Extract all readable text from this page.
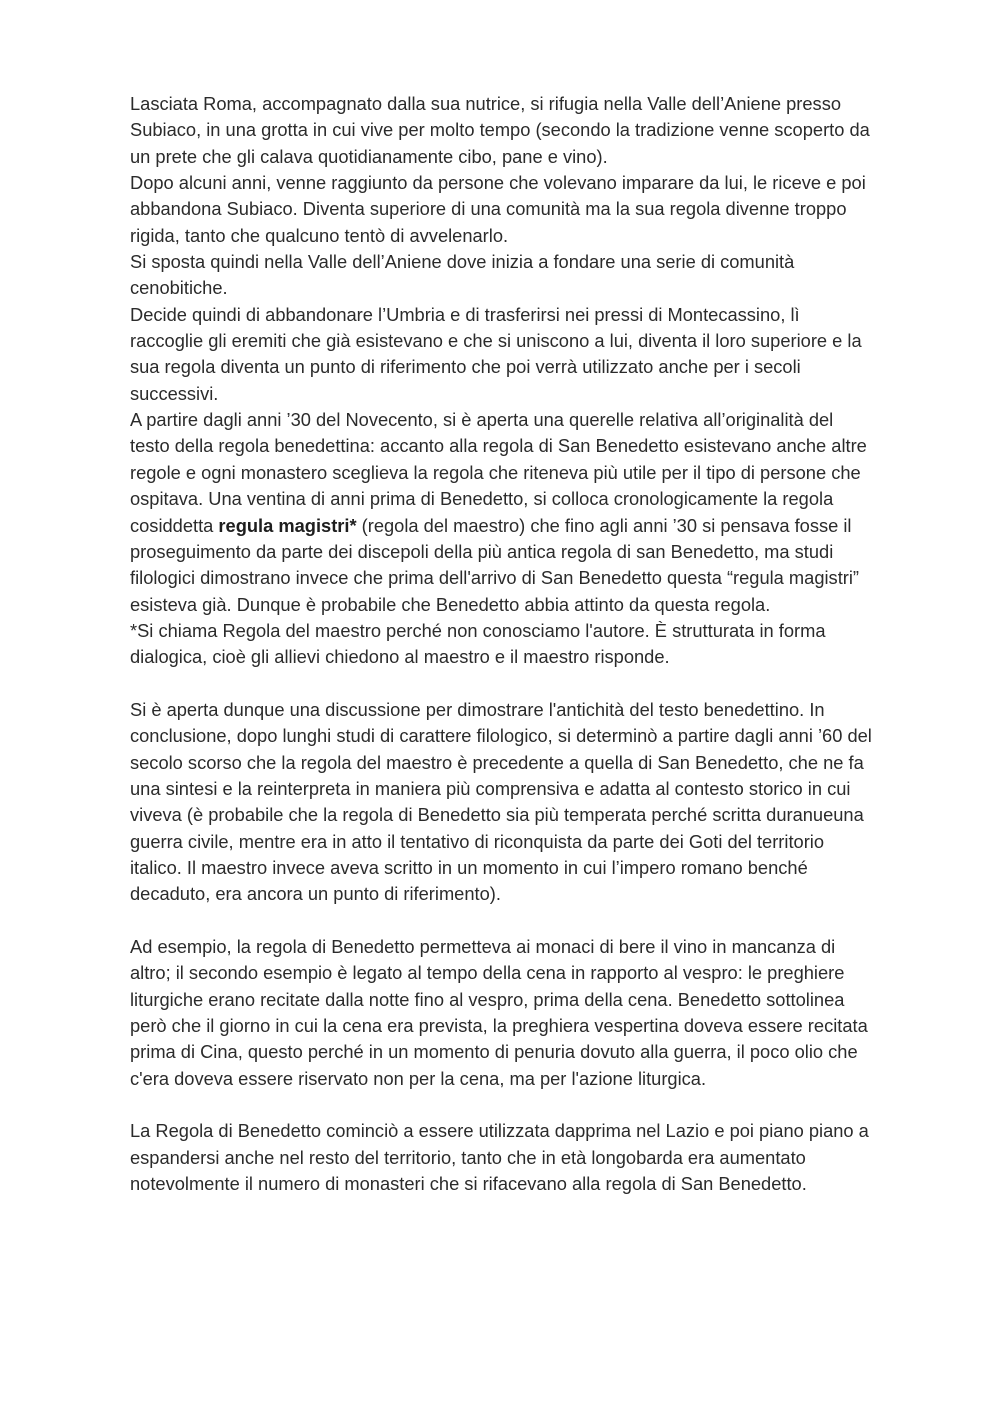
Lasciata Roma, accompagnato dalla sua nutrice, si rifugia nella Valle dell’Aniene presso Subiaco, in una grotta in cui vive per molto tempo (secondo la tradizione venne scoperto da un prete che gli calava quotidianamente cibo, pane e vino).

Dopo alcuni anni, venne raggiunto da persone che volevano imparare da lui, le riceve e poi abbandona Subiaco. Diventa superiore di una comunità ma la sua regola divenne troppo rigida, tanto che qualcuno tentò di avvelenarlo.

Si sposta quindi nella Valle dell’Aniene dove inizia a fondare una serie di comunità cenobitiche.

Decide quindi di abbandonare l’Umbria e di trasferirsi nei pressi di Montecassino, lì raccoglie gli eremiti che già esistevano e che si uniscono a lui, diventa il loro superiore e la sua regola diventa un punto di riferimento che poi verrà utilizzato anche per i secoli successivi.

A partire dagli anni ’30 del Novecento, si è aperta una querelle relativa all’originalità del testo della regola benedettina: accanto alla regola di San Benedetto esistevano anche altre regole e ogni monastero sceglieva la regola che riteneva più utile per il tipo di persone che ospitava. Una ventina di anni prima di Benedetto, si colloca cronologicamente la regola cosiddetta regula magistri* (regola del maestro) che fino agli anni ’30 si pensava fosse il proseguimento da parte dei discepoli della più antica regola di san Benedetto, ma studi filologici dimostrano invece che prima dell'arrivo di San Benedetto questa “regula magistri” esisteva già. Dunque è probabile che Benedetto abbia attinto da questa regola.

*Si chiama Regola del maestro perché non conosciamo l'autore. È strutturata in forma dialogica, cioè gli allievi chiedono al maestro e il maestro risponde.

Si è aperta dunque una discussione per dimostrare l'antichità del testo benedettino. In conclusione, dopo lunghi studi di carattere filologico, si determinò a partire dagli anni ’60 del secolo scorso che la regola del maestro è precedente a quella di San Benedetto, che ne fa una sintesi e la reinterpreta in maniera più comprensiva e adatta al contesto storico in cui viveva (è probabile che la regola di Benedetto sia più temperata perché scritta duranueuna guerra civile, mentre era in atto il tentativo di riconquista da parte dei Goti del territorio italico. Il maestro invece aveva scritto in un momento in cui l’impero romano benché decaduto, era ancora un punto di riferimento).

Ad esempio, la regola di Benedetto permetteva ai monaci di bere il vino in mancanza di altro; il secondo esempio è legato al tempo della cena in rapporto al vespro: le preghiere liturgiche erano recitate dalla notte fino al vespro, prima della cena. Benedetto sottolinea però che il giorno in cui la cena era prevista, la preghiera vespertina doveva essere recitata prima di Cina, questo perché in un momento di penuria dovuto alla guerra, il poco olio che c'era doveva essere riservato non per la cena, ma per l'azione liturgica.

La Regola di Benedetto cominciò a essere utilizzata dapprima nel Lazio e poi piano piano a espandersi anche nel resto del territorio, tanto che in età longobarda era aumentato notevolmente il numero di monasteri che si rifacevano alla regola di San Benedetto.
